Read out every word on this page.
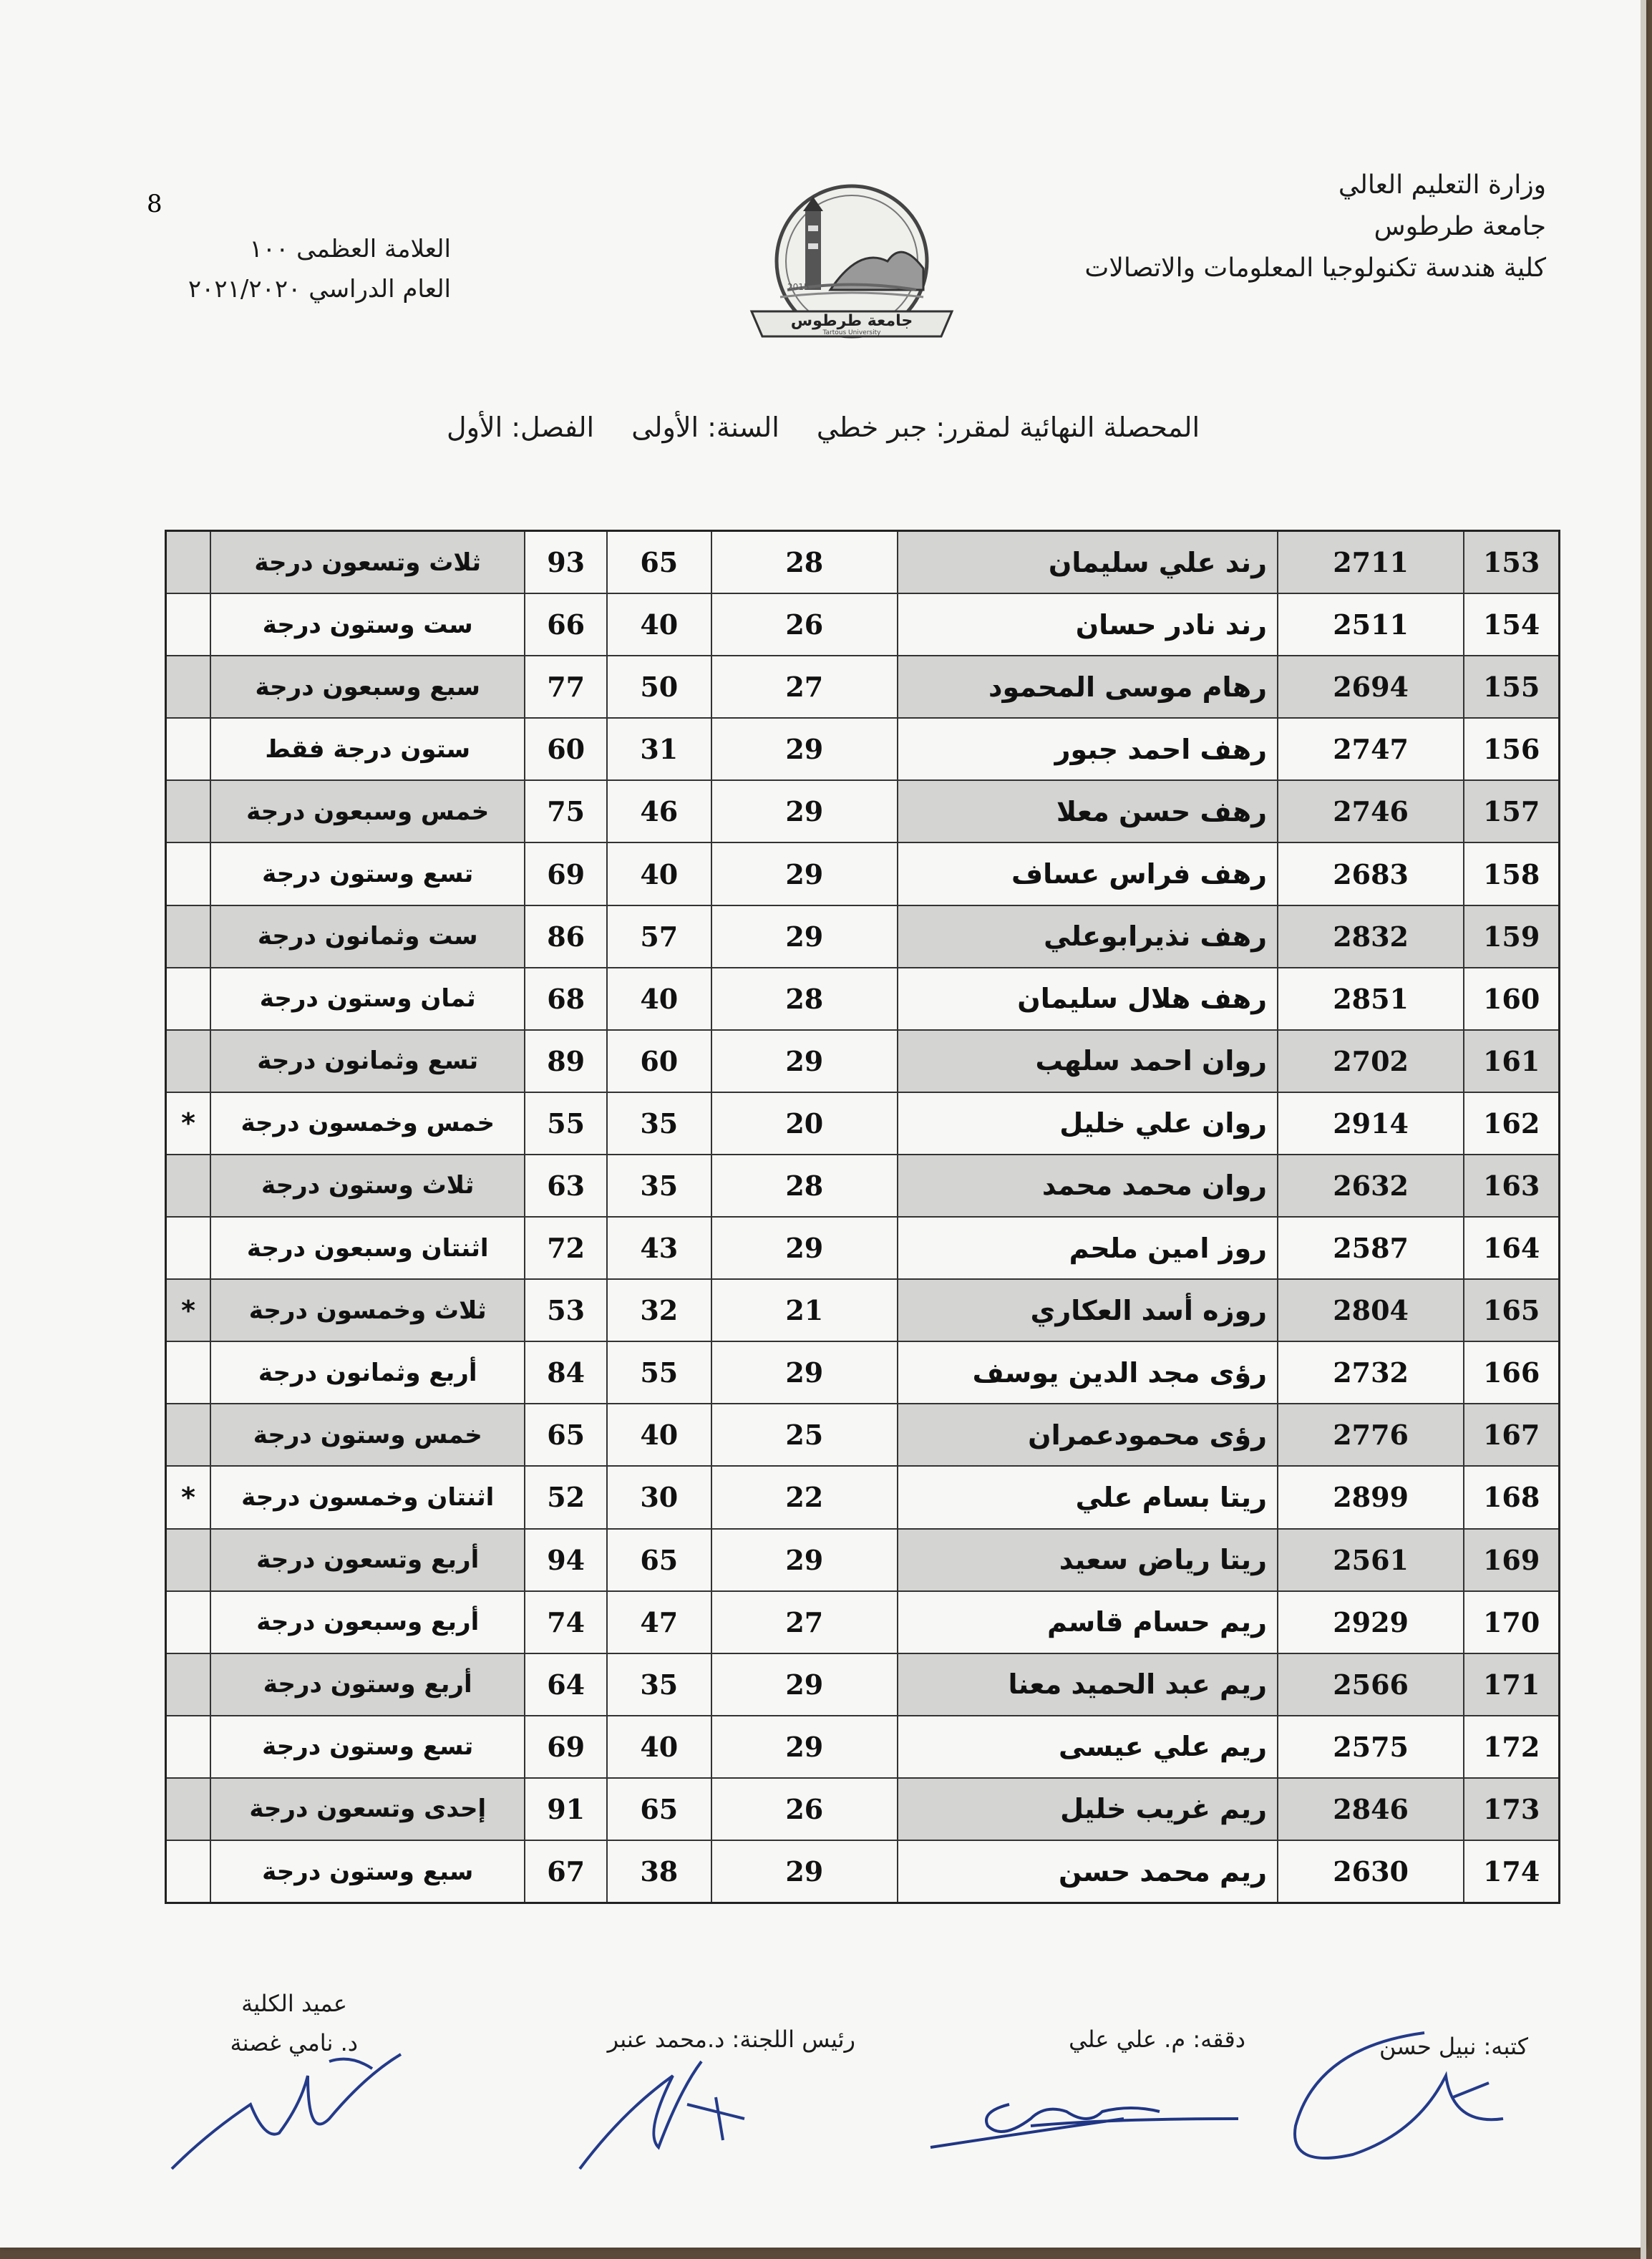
وزارة التعليم العالي
جامعة طرطوس
كلية هندسة تكنولوجيا المعلومات والاتصالات
8
العلامة العظمى ١٠٠
العام الدراسي ٢٠٢١/٢٠٢٠	2015
جامعة طرطوس
Tartous University
المحصلة النهائية لمقرر: جبر خطي السنة: الأولى الفصل: الأول
153	2711	رند علي سليمان	28	65	93	ثلاث وتسعون درجة	
154	2511	رند نادر حسان	26	40	66	ست وستون درجة	
155	2694	رهام موسى المحمود	27	50	77	سبع وسبعون درجة	
156	2747	رهف احمد جبور	29	31	60	ستون درجة فقط	
157	2746	رهف حسن معلا	29	46	75	خمس وسبعون درجة	
158	2683	رهف فراس عساف	29	40	69	تسع وستون درجة	
159	2832	رهف نذيرابوعلي	29	57	86	ست وثمانون درجة	
160	2851	رهف هلال سليمان	28	40	68	ثمان وستون درجة	
161	2702	روان احمد سلهب	29	60	89	تسع وثمانون درجة	
162	2914	روان علي خليل	20	35	55	خمس وخمسون درجة	*
163	2632	روان محمد محمد	28	35	63	ثلاث وستون درجة	
164	2587	روز امين ملحم	29	43	72	اثنتان وسبعون درجة	
165	2804	روزه أسد العكاري	21	32	53	ثلاث وخمسون درجة	*
166	2732	رؤى مجد الدين يوسف	29	55	84	أربع وثمانون درجة	
167	2776	رؤى محمودعمران	25	40	65	خمس وستون درجة	
168	2899	ريتا بسام علي	22	30	52	اثنتان وخمسون درجة	*
169	2561	ريتا رياض سعيد	29	65	94	أربع وتسعون درجة	
170	2929	ريم حسام قاسم	27	47	74	أربع وسبعون درجة	
171	2566	ريم عبد الحميد معنا	29	35	64	أربع وستون درجة	
172	2575	ريم علي عيسى	29	40	69	تسع وستون درجة	
173	2846	ريم غريب خليل	26	65	91	إحدى وتسعون درجة	
174	2630	ريم محمد حسن	29	38	67	سبع وستون درجة	
كتبه: نبيل حسن
دققه: م. علي علي
رئيس اللجنة: د.محمد عنبر
عميد الكلية
د. نامي غصنة
